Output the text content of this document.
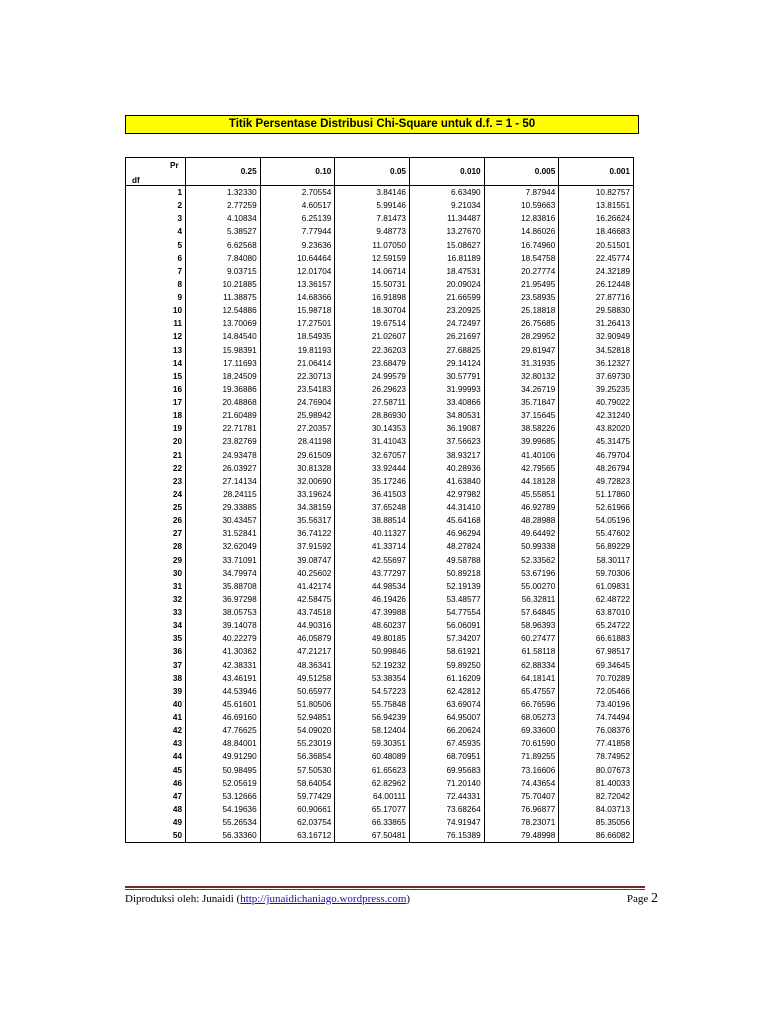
Titik Persentase Distribusi Chi-Square untuk d.f. = 1 - 50
Pr
df	0.25	0.10	0.05	0.010	0.005	0.001
1	1.32330	2.70554	3.84146	6.63490	7.87944	10.82757
2	2.77259	4.60517	5.99146	9.21034	10.59663	13.81551
3	4.10834	6.25139	7.81473	11.34487	12.83816	16.26624
4	5.38527	7.77944	9.48773	13.27670	14.86026	18.46683
5	6.62568	9.23636	11.07050	15.08627	16.74960	20.51501
6	7.84080	10.64464	12.59159	16.81189	18.54758	22.45774
7	9.03715	12.01704	14.06714	18.47531	20.27774	24.32189
8	10.21885	13.36157	15.50731	20.09024	21.95495	26.12448
9	11.38875	14.68366	16.91898	21.66599	23.58935	27.87716
10	12.54886	15.98718	18.30704	23.20925	25.18818	29.58830
11	13.70069	17.27501	19.67514	24.72497	26.75685	31.26413
12	14.84540	18.54935	21.02607	26.21697	28.29952	32.90949
13	15.98391	19.81193	22.36203	27.68825	29.81947	34.52818
14	17.11693	21.06414	23.68479	29.14124	31.31935	36.12327
15	18.24509	22.30713	24.99579	30.57791	32.80132	37.69730
16	19.36886	23.54183	26.29623	31.99993	34.26719	39.25235
17	20.48868	24.76904	27.58711	33.40866	35.71847	40.79022
18	21.60489	25.98942	28.86930	34.80531	37.15645	42.31240
19	22.71781	27.20357	30.14353	36.19087	38.58226	43.82020
20	23.82769	28.41198	31.41043	37.56623	39.99685	45.31475
21	24.93478	29.61509	32.67057	38.93217	41.40106	46.79704
22	26.03927	30.81328	33.92444	40.28936	42.79565	48.26794
23	27.14134	32.00690	35.17246	41.63840	44.18128	49.72823
24	28.24115	33.19624	36.41503	42.97982	45.55851	51.17860
25	29.33885	34.38159	37.65248	44.31410	46.92789	52.61966
26	30.43457	35.56317	38.88514	45.64168	48.28988	54.05196
27	31.52841	36.74122	40.11327	46.96294	49.64492	55.47602
28	32.62049	37.91592	41.33714	48.27824	50.99338	56.89229
29	33.71091	39.08747	42.55697	49.58788	52.33562	58.30117
30	34.79974	40.25602	43.77297	50.89218	53.67196	59.70306
31	35.88708	41.42174	44.98534	52.19139	55.00270	61.09831
32	36.97298	42.58475	46.19426	53.48577	56.32811	62.48722
33	38.05753	43.74518	47.39988	54.77554	57.64845	63.87010
34	39.14078	44.90316	48.60237	56.06091	58.96393	65.24722
35	40.22279	46.05879	49.80185	57.34207	60.27477	66.61883
36	41.30362	47.21217	50.99846	58.61921	61.58118	67.98517
37	42.38331	48.36341	52.19232	59.89250	62.88334	69.34645
38	43.46191	49.51258	53.38354	61.16209	64.18141	70.70289
39	44.53946	50.65977	54.57223	62.42812	65.47557	72.05466
40	45.61601	51.80506	55.75848	63.69074	66.76596	73.40196
41	46.69160	52.94851	56.94239	64.95007	68.05273	74.74494
42	47.76625	54.09020	58.12404	66.20624	69.33600	76.08376
43	48.84001	55.23019	59.30351	67.45935	70.61590	77.41858
44	49.91290	56.36854	60.48089	68.70951	71.89255	78.74952
45	50.98495	57.50530	61.65623	69.95683	73.16606	80.07673
46	52.05619	58.64054	62.82962	71.20140	74.43654	81.40033
47	53.12666	59.77429	64.00111	72.44331	75.70407	82.72042
48	54.19636	60.90661	65.17077	73.68264	76.96877	84.03713
49	55.26534	62.03754	66.33865	74.91947	78.23071	85.35056
50	56.33360	63.16712	67.50481	76.15389	79.48998	86.66082
Diproduksi oleh: Junaidi (http://junaidichaniago.wordpress.com)	Page 2
